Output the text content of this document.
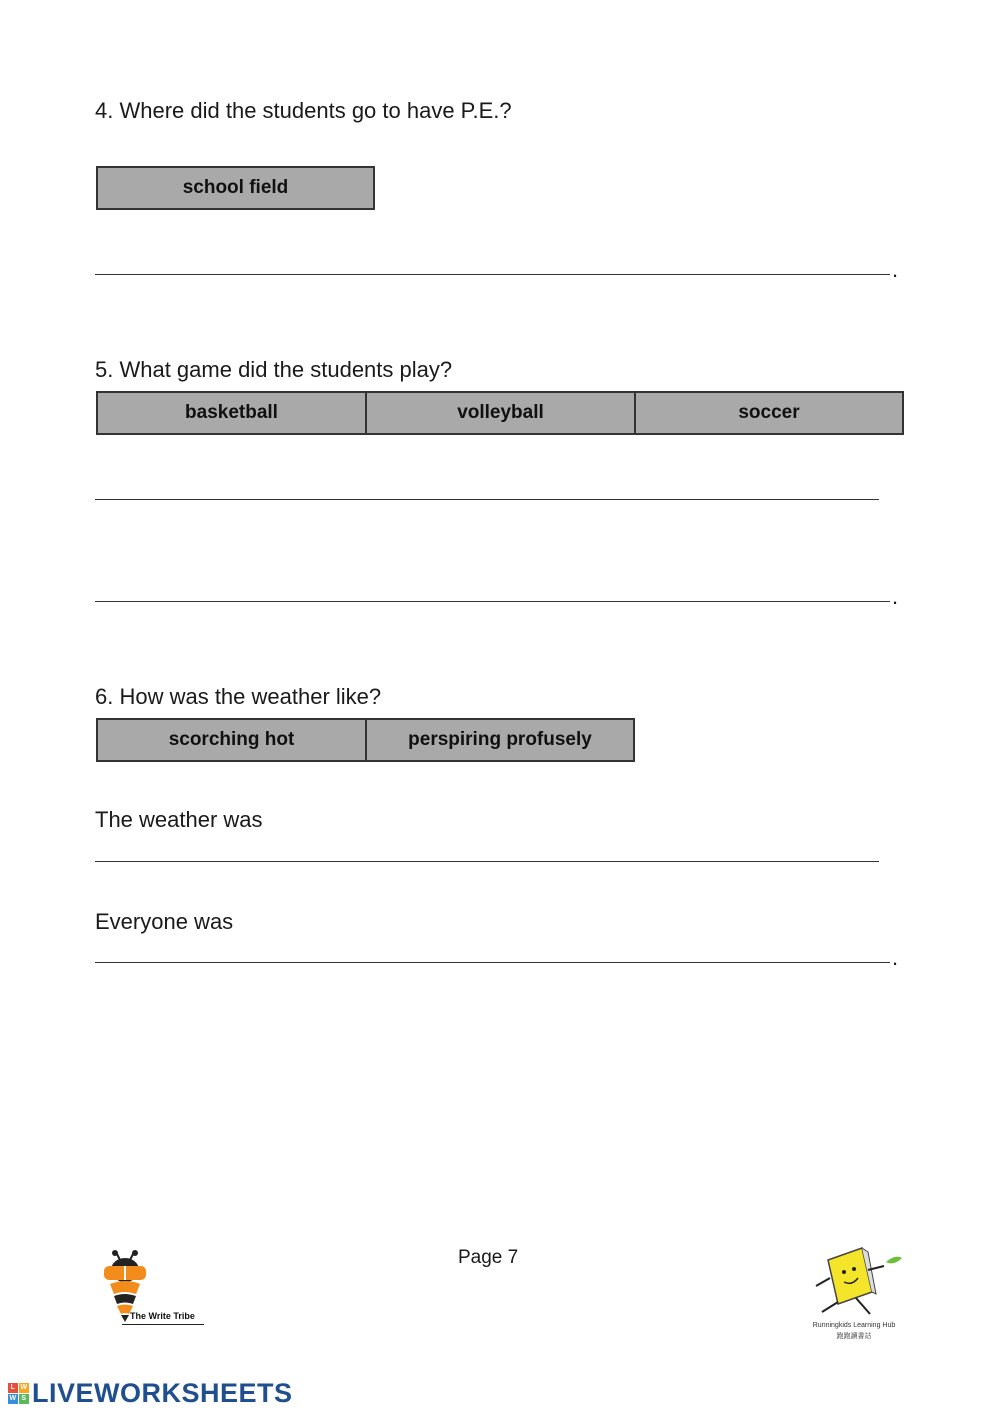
4. Where did the students go to have P.E.?
school field
.
5. What game did the students play?
basketball	volleyball	soccer
.
6. How was the weather like?
scorching hot	perspiring profusely
The weather was
Everyone was
.
Page 7
The Write Tribe
Runningkids Learning Hub
跑跑讀書站
L W
W S LIVEWORKSHEETS
